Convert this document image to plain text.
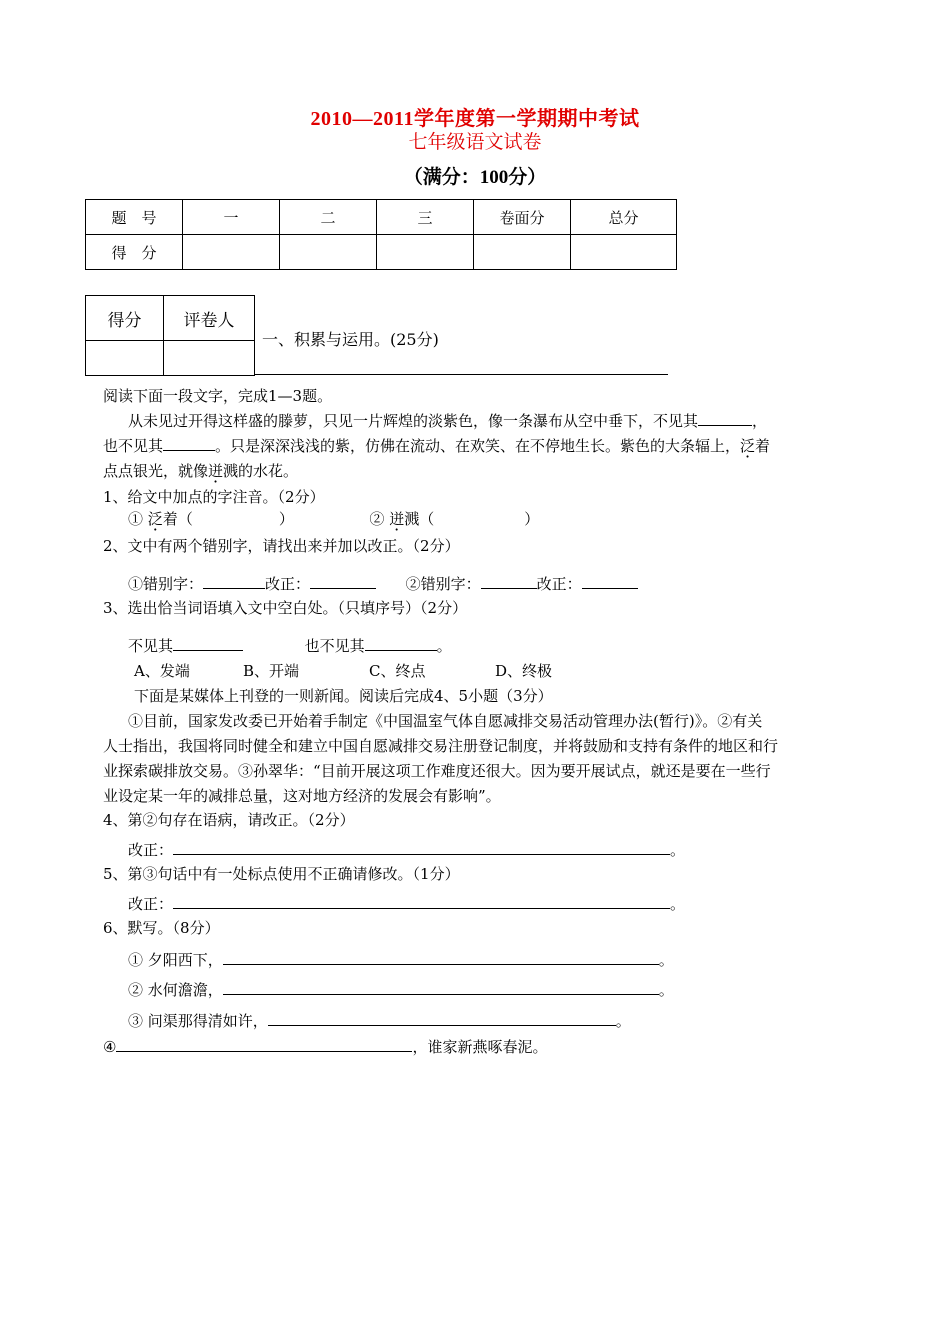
2010—2011学年度第一学期期中考试
七年级语文试卷
（满分：100分）
题　号	一	二	三	卷面分	总分
得　分					
得分	评卷人

一、积累与运用。(25分)
阅读下面一段文字，完成1—3题。
从未见过开得这样盛的滕萝，只见一片辉煌的淡紫色，像一条瀑布从空中垂下，不见其	，
也不见其	。只是深深浅浅的紫，仿佛在流动、在欢笑、在不停地生长。紫色的大条辐上，泛着
点点银光，就像迸溅的水花。
1、给文中加点的字注音。（2分）
① 泛着（	）	② 迸溅（	）
2、文中有两个错别字，请找出来并加以改正。（2分）
①错别字：	改正：	②错别字：	改正：
3、选出恰当词语填入文中空白处。（只填序号）（2分）
不见其	也不见其	。
A、发端	B、开端	C、终点	D、终极
下面是某媒体上刊登的一则新闻。阅读后完成4、5小题（3分）
①目前，国家发改委已开始着手制定《中国温室气体自愿减排交易活动管理办法(暂行)》。②有关
人士指出，我国将同时健全和建立中国自愿减排交易注册登记制度，并将鼓励和支持有条件的地区和行
业探索碳排放交易。③孙翠华：“目前开展这项工作难度还很大。因为要开展试点，就还是要在一些行
业设定某一年的减排总量，这对地方经济的发展会有影响”。
4、第②句存在语病，请改正。（2分）
改正：	。
5、第③句话中有一处标点使用不正确请修改。（1分）
改正：	。
6、默写。（8分）
① 夕阳西下，	。
② 水何澹澹，	。
③ 问渠那得清如许，	。
④	，谁家新燕啄春泥。
